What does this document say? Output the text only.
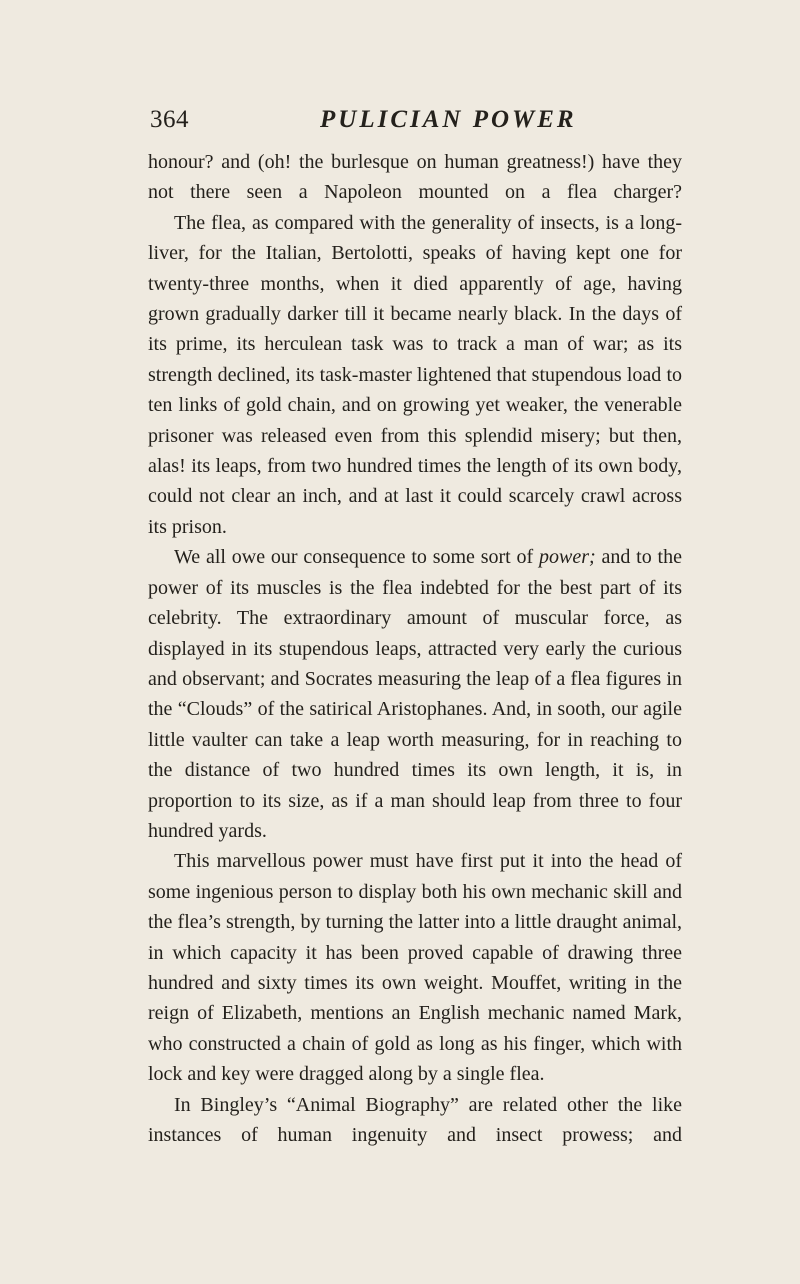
364	PULICIAN POWER

honour? and (oh! the burlesque on human greatness!) have they not there seen a Napoleon mounted on a flea charger?

The flea, as compared with the generality of insects, is a long-liver, for the Italian, Bertolotti, speaks of having kept one for twenty-three months, when it died apparently of age, having grown gradually darker till it became nearly black. In the days of its prime, its herculean task was to track a man of war; as its strength declined, its task-master lightened that stupendous load to ten links of gold chain, and on growing yet weaker, the venerable prisoner was released even from this splendid misery; but then, alas! its leaps, from two hundred times the length of its own body, could not clear an inch, and at last it could scarcely crawl across its prison.

We all owe our consequence to some sort of power; and to the power of its muscles is the flea indebted for the best part of its celebrity. The extraordinary amount of muscular force, as displayed in its stupendous leaps, attracted very early the curious and observant; and Socrates measuring the leap of a flea figures in the “Clouds” of the satirical Aristophanes. And, in sooth, our agile little vaulter can take a leap worth measuring, for in reaching to the distance of two hundred times its own length, it is, in proportion to its size, as if a man should leap from three to four hundred yards.

This marvellous power must have first put it into the head of some ingenious person to display both his own mechanic skill and the flea’s strength, by turning the latter into a little draught animal, in which capacity it has been proved capable of drawing three hundred and sixty times its own weight. Mouffet, writing in the reign of Elizabeth, mentions an English mechanic named Mark, who constructed a chain of gold as long as his finger, which with lock and key were dragged along by a single flea.

In Bingley’s “Animal Biography” are related other the like instances of human ingenuity and insect prowess; and
